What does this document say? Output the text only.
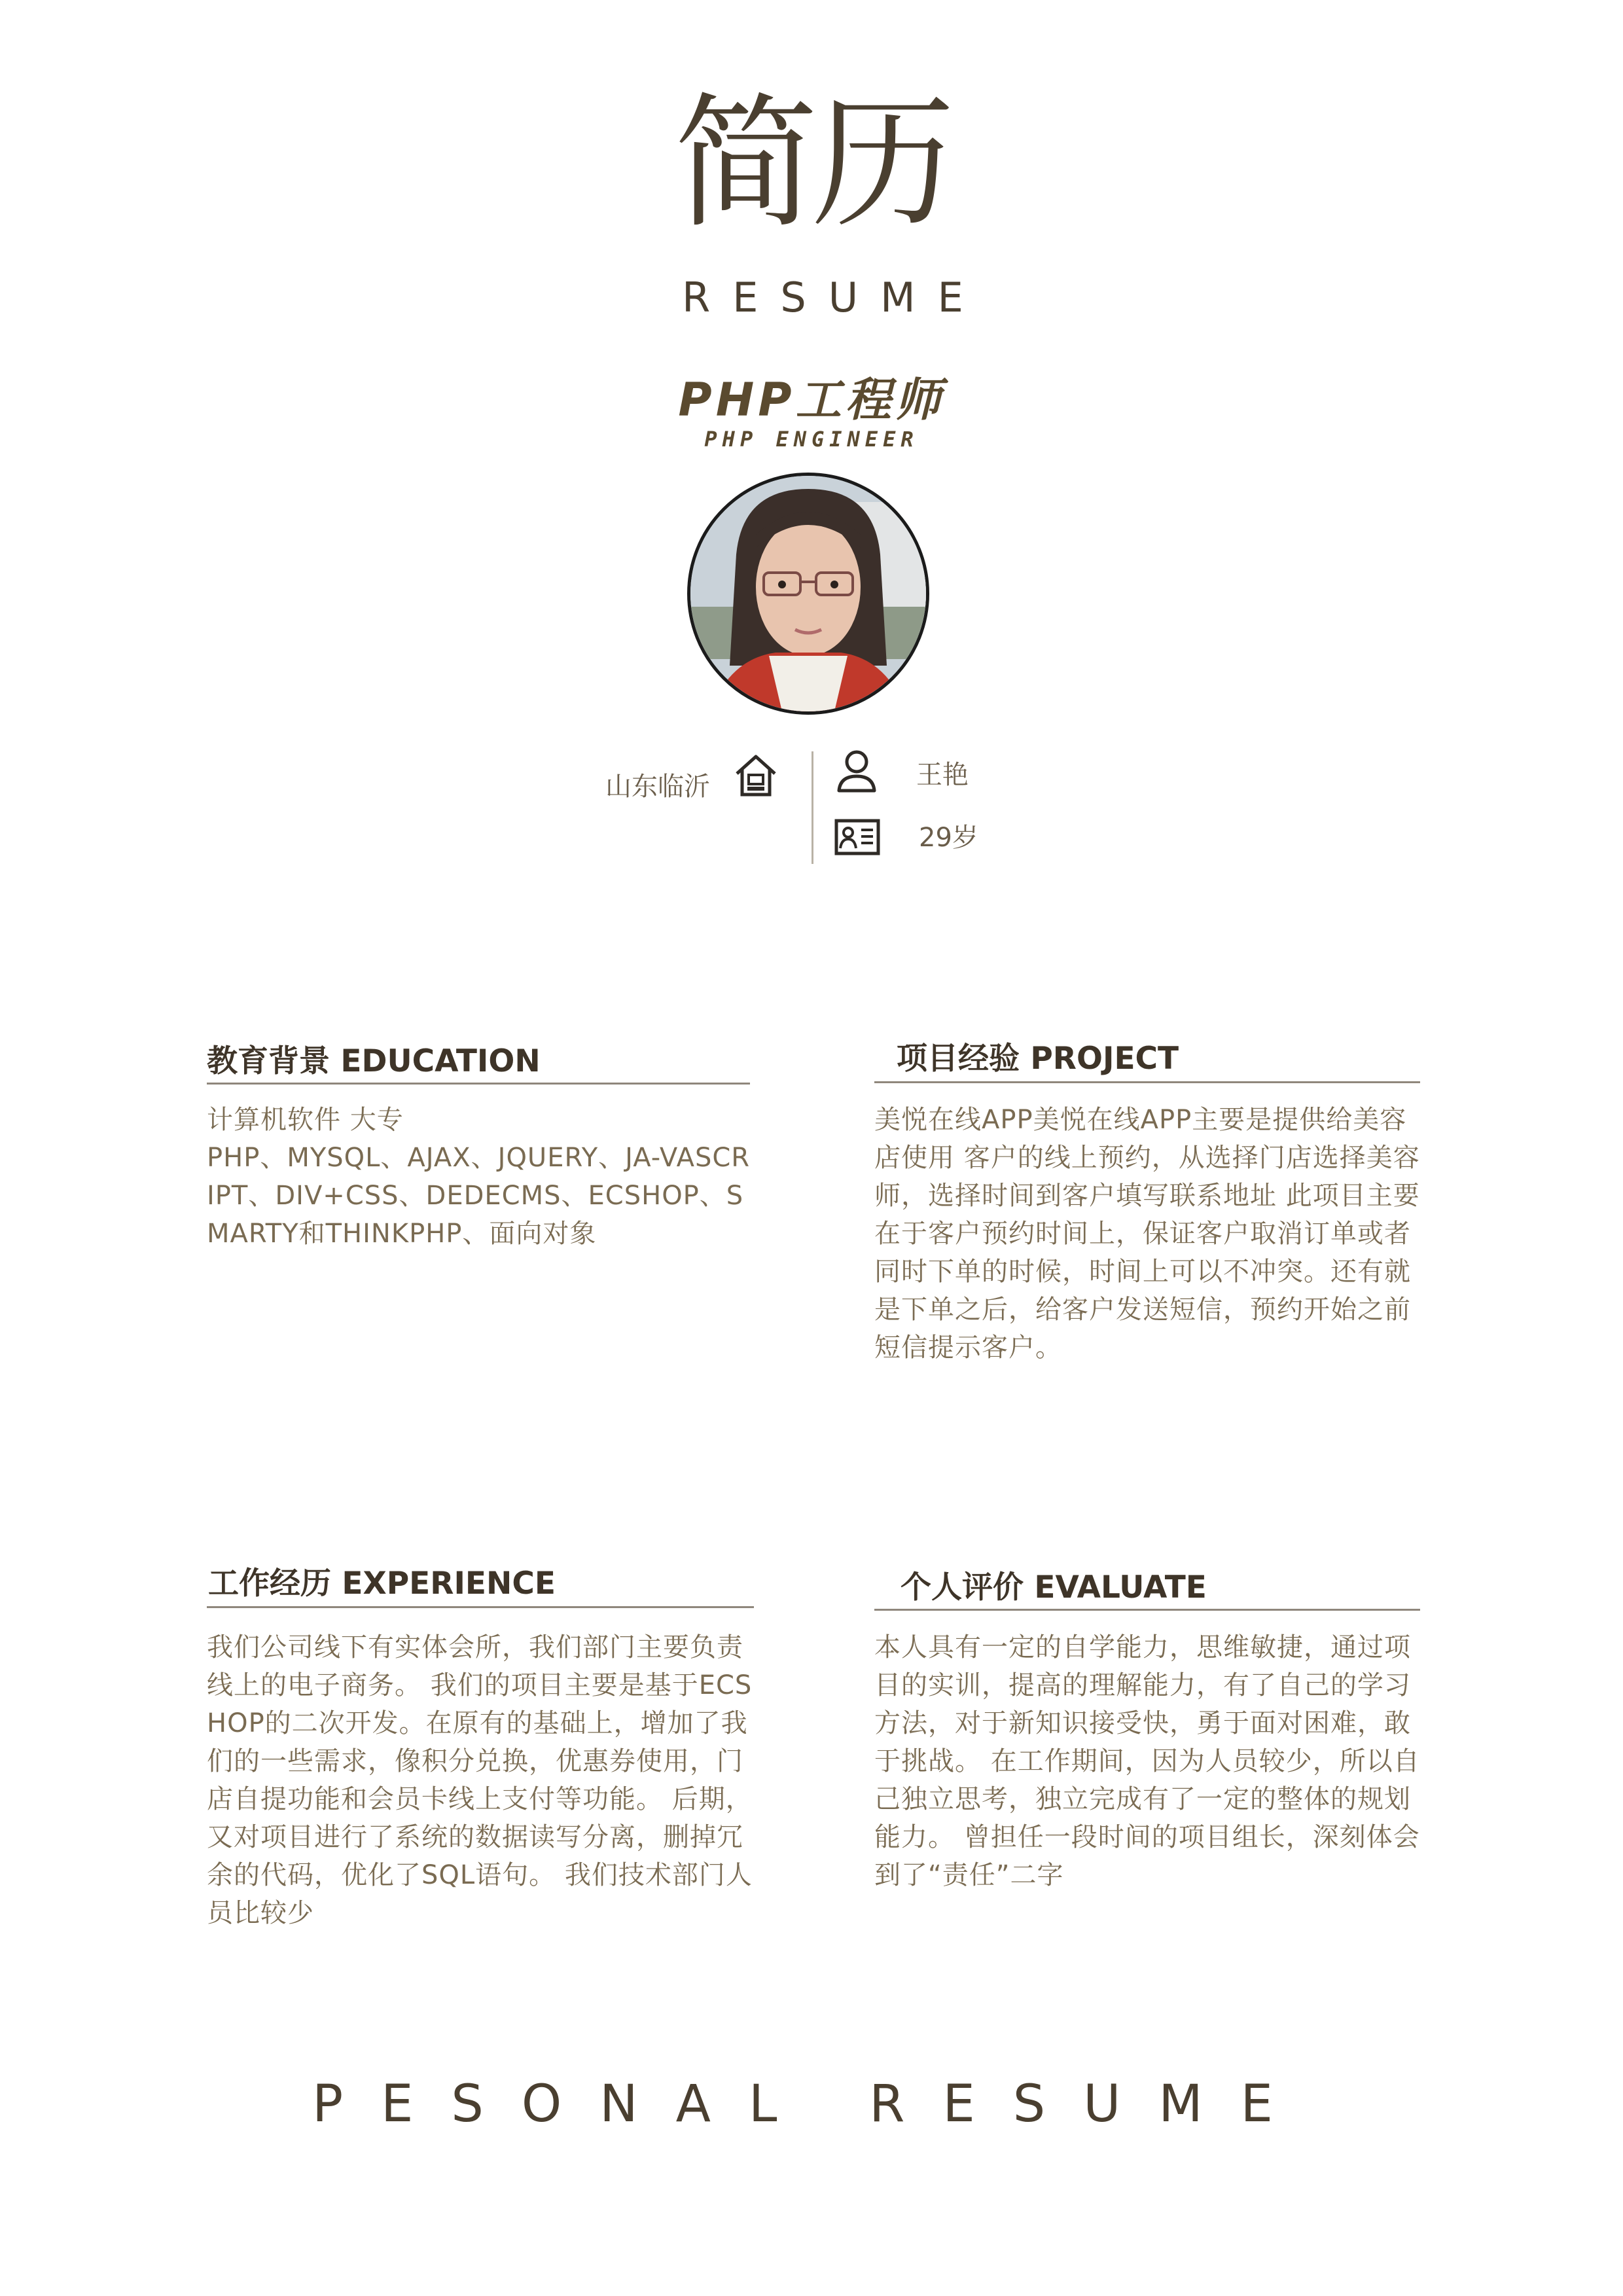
简历
RESUME
PHP工程师
PHP ENGINEER
山东临沂	王艳
29岁
教育背景 EDUCATION
计算机软件 大专
PHP、MYSQL、AJAX、JQUERY、JA-VASCRIPT、DIV+CSS、DEDECMS、ECSHOP、SMARTY和THINKPHP、面向对象
项目经验 PROJECT
美悦在线APP美悦在线APP主要是提供给美容店使用 客户的线上预约，从选择门店选择美容师，选择时间到客户填写联系地址 此项目主要在于客户预约时间上，保证客户取消订单或者同时下单的时候，时间上可以不冲突。还有就是下单之后，给客户发送短信，预约开始之前短信提示客户。
工作经历 EXPERIENCE
我们公司线下有实体会所，我们部门主要负责线上的电子商务。 我们的项目主要是基于ECSHOP的二次开发。在原有的基础上，增加了我们的一些需求，像积分兑换，优惠券使用，门店自提功能和会员卡线上支付等功能。 后期，又对项目进行了系统的数据读写分离，删掉冗余的代码，优化了SQL语句。 我们技术部门人员比较少
个人评价 EVALUATE
本人具有一定的自学能力，思维敏捷，通过项目的实训，提高的理解能力，有了自己的学习方法，对于新知识接受快，勇于面对困难，敢于挑战。 在工作期间，因为人员较少，所以自己独立思考，独立完成有了一定的整体的规划能力。 曾担任一段时间的项目组长，深刻体会到了“责任”二字
PESONAL RESUME
